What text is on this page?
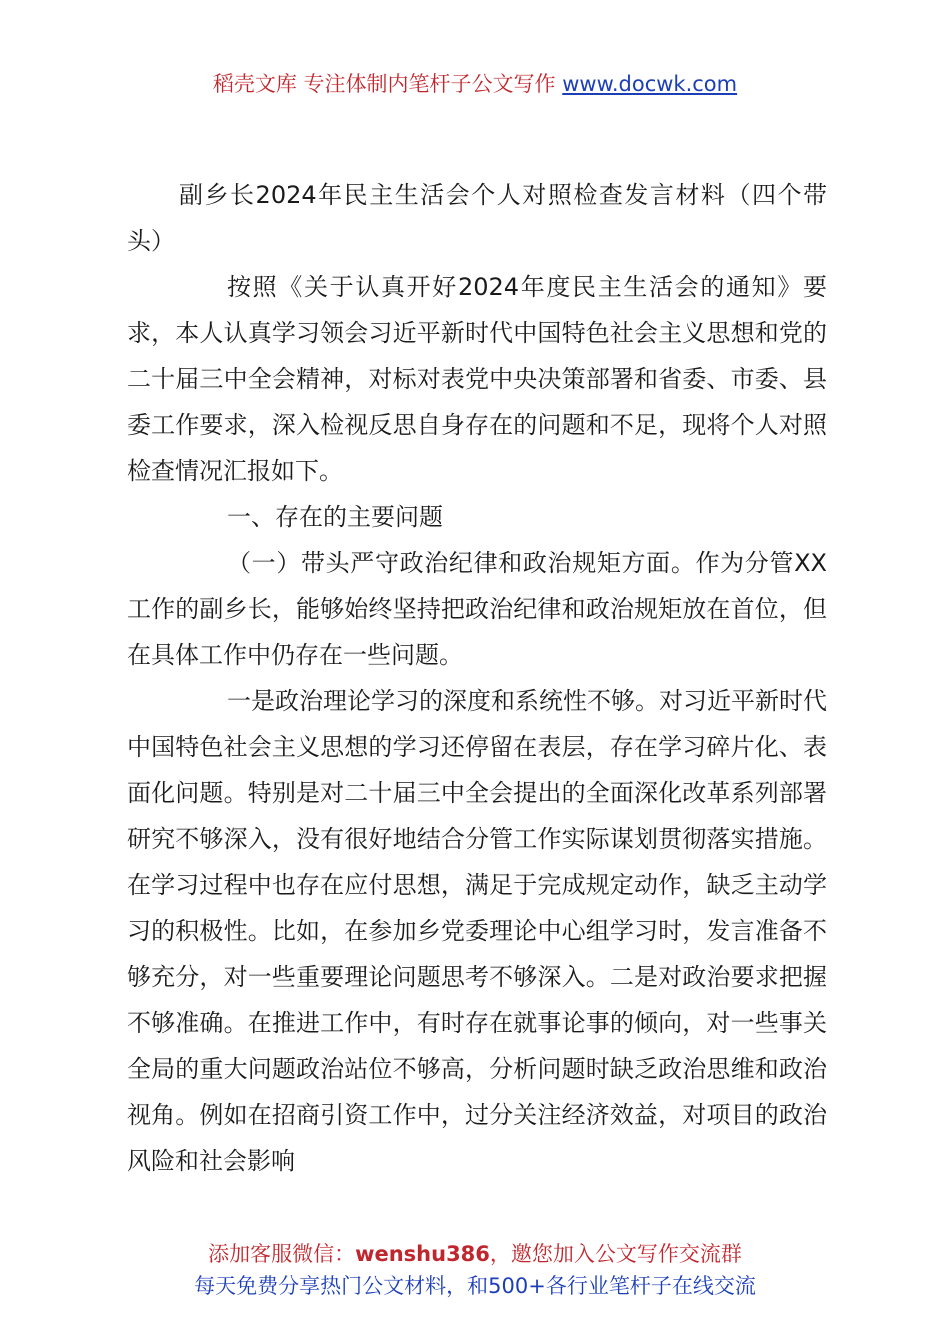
稻壳文库 专注体制内笔杆子公文写作 www.docwk.com

副乡长2024年民主生活会个人对照检查发言材料（四个带头）

按照《关于认真开好2024年度民主生活会的通知》要求，本人认真学习领会习近平新时代中国特色社会主义思想和党的二十届三中全会精神，对标对表党中央决策部署和省委、市委、县委工作要求，深入检视反思自身存在的问题和不足，现将个人对照检查情况汇报如下。

一、存在的主要问题

（一）带头严守政治纪律和政治规矩方面。作为分管XX工作的副乡长，能够始终坚持把政治纪律和政治规矩放在首位，但在具体工作中仍存在一些问题。

一是政治理论学习的深度和系统性不够。对习近平新时代中国特色社会主义思想的学习还停留在表层，存在学习碎片化、表面化问题。特别是对二十届三中全会提出的全面深化改革系列部署研究不够深入，没有很好地结合分管工作实际谋划贯彻落实措施。在学习过程中也存在应付思想，满足于完成规定动作，缺乏主动学习的积极性。比如，在参加乡党委理论中心组学习时，发言准备不够充分，对一些重要理论问题思考不够深入。二是对政治要求把握不够准确。在推进工作中，有时存在就事论事的倾向，对一些事关全局的重大问题政治站位不够高，分析问题时缺乏政治思维和政治视角。例如在招商引资工作中，过分关注经济效益，对项目的政治风险和社会影响

添加客服微信：wenshu386，邀您加入公文写作交流群
每天免费分享热门公文材料，和500+各行业笔杆子在线交流
